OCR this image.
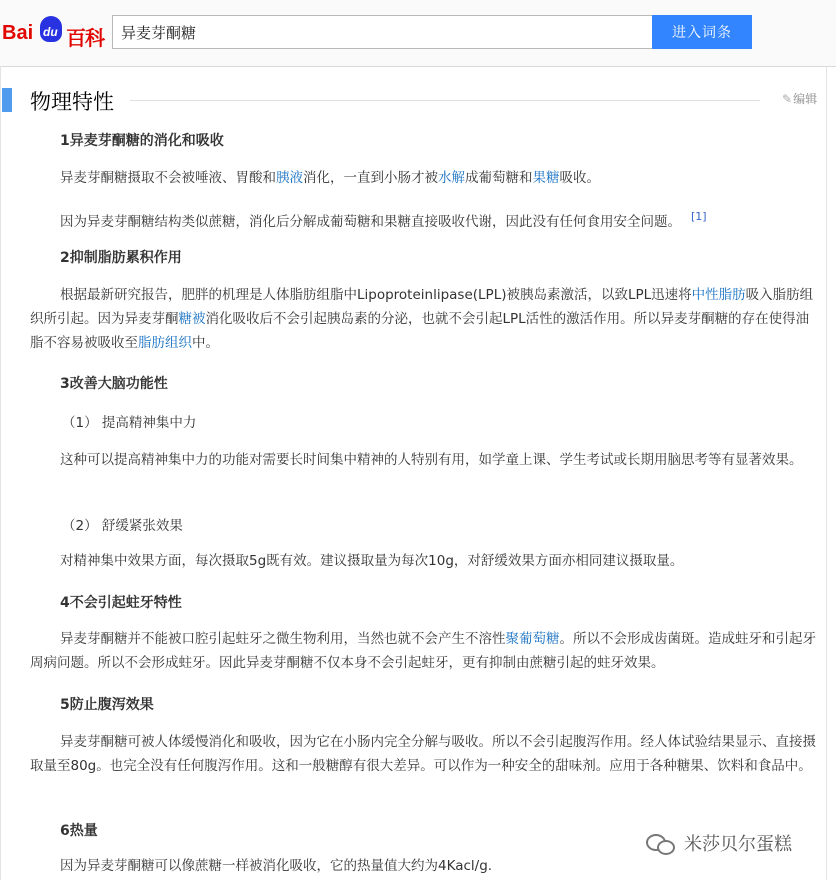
Bai du 百科
异麦芽酮糖	进入词条
物理特性	✎编辑
1异麦芽酮糖的消化和吸收

异麦芽酮糖摄取不会被唾液、胃酸和胰液消化，一直到小肠才被水解成葡萄糖和果糖吸收。

因为异麦芽酮糖结构类似蔗糖，消化后分解成葡萄糖和果糖直接吸收代谢，因此没有任何食用安全问题。 [1]

2抑制脂肪累积作用

根据最新研究报告，肥胖的机理是人体脂肪组脂中Lipoproteinlipase(LPL)被胰岛素激活，以致LPL迅速将中性脂肪吸入脂肪组织所引起。因为异麦芽酮糖被消化吸收后不会引起胰岛素的分泌，也就不会引起LPL活性的激活作用。所以异麦芽酮糖的存在使得油脂不容易被吸收至脂肪组织中。

3改善大脑功能性
（1） 提高精神集中力

这种可以提高精神集中力的功能对需要长时间集中精神的人特别有用，如学童上课、学生考试或长期用脑思考等有显著效果。

（2） 舒缓紧张效果

对精神集中效果方面，每次摄取5g既有效。建议摄取量为每次10g，对舒缓效果方面亦相同建议摄取量。

4不会引起蛀牙特性

异麦芽酮糖并不能被口腔引起蛀牙之微生物利用，当然也就不会产生不溶性聚葡萄糖。所以不会形成齿菌斑。造成蛀牙和引起牙周病问题。所以不会形成蛀牙。因此异麦芽酮糖不仅本身不会引起蛀牙，更有抑制由蔗糖引起的蛀牙效果。

5防止腹泻效果

异麦芽酮糖可被人体缓慢消化和吸收，因为它在小肠内完全分解与吸收。所以不会引起腹泻作用。经人体试验结果显示、直接摄取量至80g。也完全没有任何腹泻作用。这和一般糖醇有很大差异。可以作为一种安全的甜味剂。应用于各种糖果、饮料和食品中。

6热量

因为异麦芽酮糖可以像蔗糖一样被消化吸收，它的热量值大约为4Kacl/g.

米莎贝尔蛋糕
